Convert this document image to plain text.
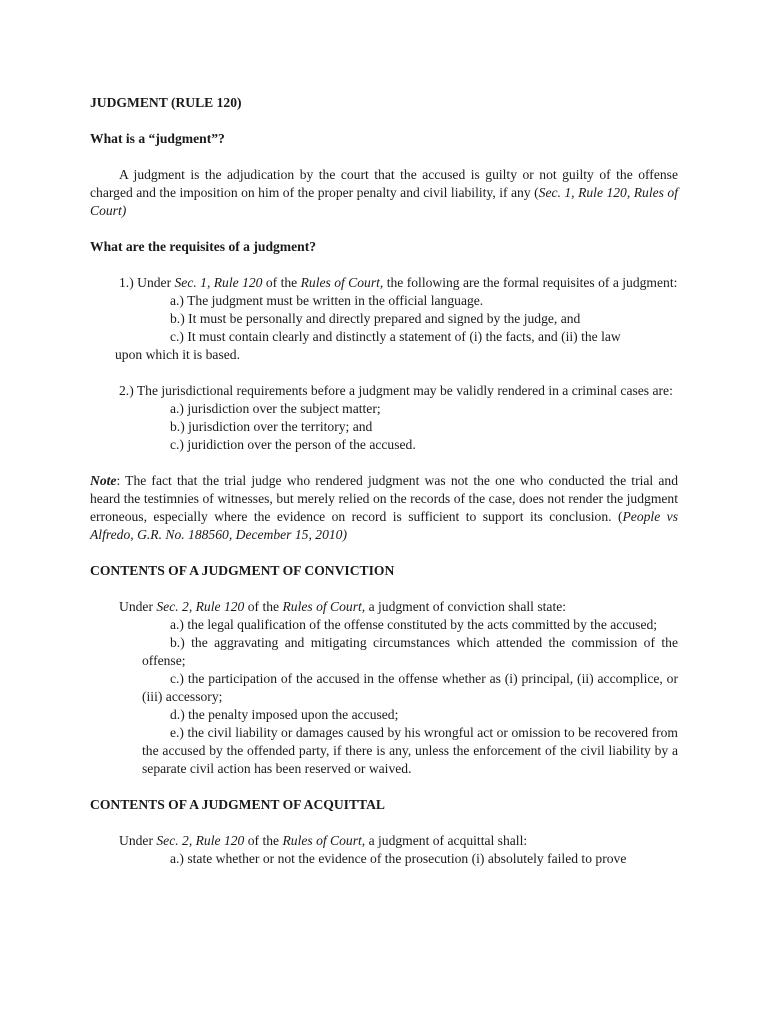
JUDGMENT (RULE 120)

What is a “judgment”?

A judgment is the adjudication by the court that the accused is guilty or not guilty of the offense charged and the imposition on him of the proper penalty and civil liability, if any (Sec. 1, Rule 120, Rules of Court)

What are the requisites of a judgment?

1.) Under Sec. 1, Rule 120 of the Rules of Court, the following are the formal requisites of a judgment:

a.) The judgment must be written in the official language.

b.) It must be personally and directly prepared and signed by the judge, and

c.) It must contain clearly and distinctly a statement of (i) the facts, and (ii) the law

upon which it is based.

2.) The jurisdictional requirements before a judgment may be validly rendered in a criminal cases are:

a.) jurisdiction over the subject matter;

b.) jurisdiction over the territory; and

c.) juridiction over the person of the accused.

Note: The fact that the trial judge who rendered judgment was not the one who conducted the trial and heard the testimnies of witnesses, but merely relied on the records of the case, does not render the judgment erroneous, especially where the evidence on record is sufficient to support its conclusion. (People vs Alfredo, G.R. No. 188560, December 15, 2010)

CONTENTS OF A JUDGMENT OF CONVICTION

Under Sec. 2, Rule 120 of the Rules of Court, a judgment of conviction shall state:

a.) the legal qualification of the offense constituted by the acts committed by the accused;

b.) the aggravating and mitigating circumstances which attended the commission of the offense;

c.) the participation of the accused in the offense whether as (i) principal, (ii) accomplice, or (iii) accessory;

d.) the penalty imposed upon the accused;

e.) the civil liability or damages caused by his wrongful act or omission to be recovered from the accused by the offended party, if there is any, unless the enforcement of the civil liability by a separate civil action has been reserved or waived.

CONTENTS OF A JUDGMENT OF ACQUITTAL

Under Sec. 2, Rule 120 of the Rules of Court, a judgment of acquittal shall:

a.) state whether or not the evidence of the prosecution (i) absolutely failed to prove
